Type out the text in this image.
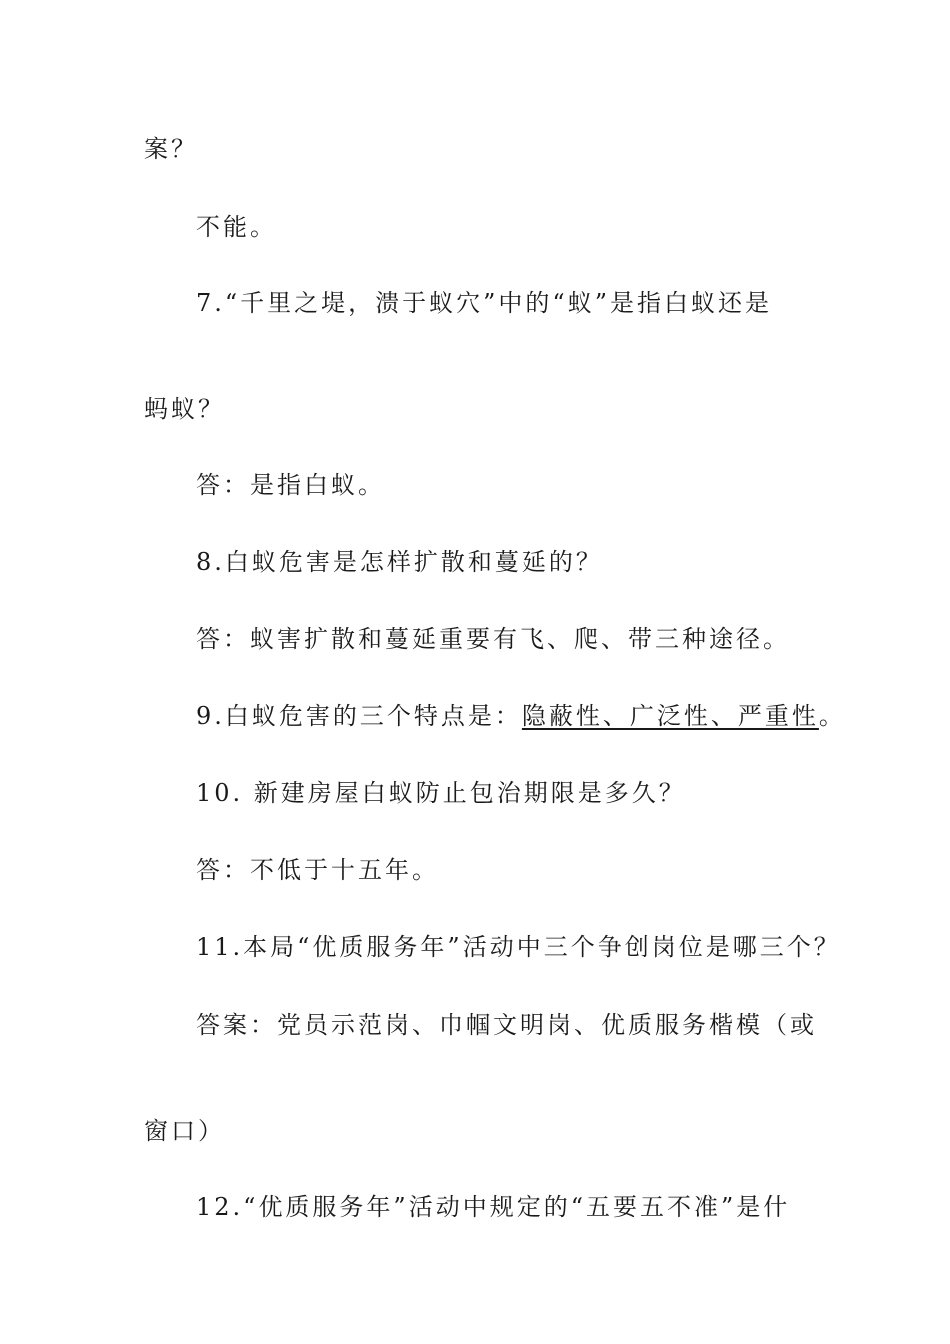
案？
不能。
7.“千里之堤，溃于蚁穴”中的“蚁”是指白蚁还是
蚂蚁？
答：是指白蚁。
8.白蚁危害是怎样扩散和蔓延的？
答：蚁害扩散和蔓延重要有飞、爬、带三种途径。
9.白蚁危害的三个特点是：隐蔽性、广泛性、严重性。
10. 新建房屋白蚁防止包治期限是多久？
答：不低于十五年。
11.本局“优质服务年”活动中三个争创岗位是哪三个？
答案：党员示范岗、巾帼文明岗、优质服务楷模（或
窗口）
12.“优质服务年”活动中规定的“五要五不准”是什
